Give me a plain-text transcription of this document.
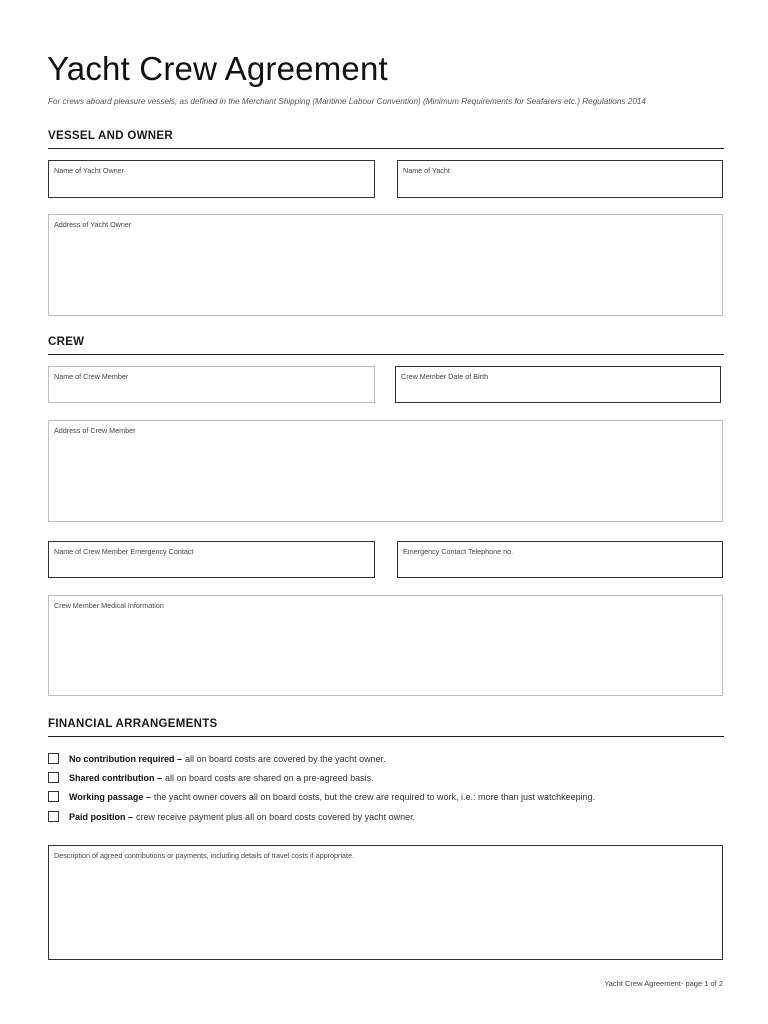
Yacht Crew Agreement
For crews aboard pleasure vessels, as defined in the Merchant Shipping (Maritime Labour Convention) (Minimum Requirements for Seafarers etc.) Regulations 2014
VESSEL AND OWNER
Name of Yacht Owner	Name of Yacht
Address of Yacht Owner
CREW
Name of Crew Member	Crew Member Date of Birth
Address of Crew Member
Name of Crew Member Emergency Contact	Emergency Contact Telephone no.
Crew Member Medical Information
FINANCIAL ARRANGEMENTS
No contribution required – all on board costs are covered by the yacht owner.
Shared contribution – all on board costs are shared on a pre-agreed basis.
Working passage – the yacht owner covers all on board costs, but the crew are required to work, i.e.: more than just watchkeeping.
Paid position – crew receive payment plus all on board costs covered by yacht owner.
Description of agreed contributions or payments, including details of travel costs if appropriate.
Yacht Crew Agreement- page 1 of 2
